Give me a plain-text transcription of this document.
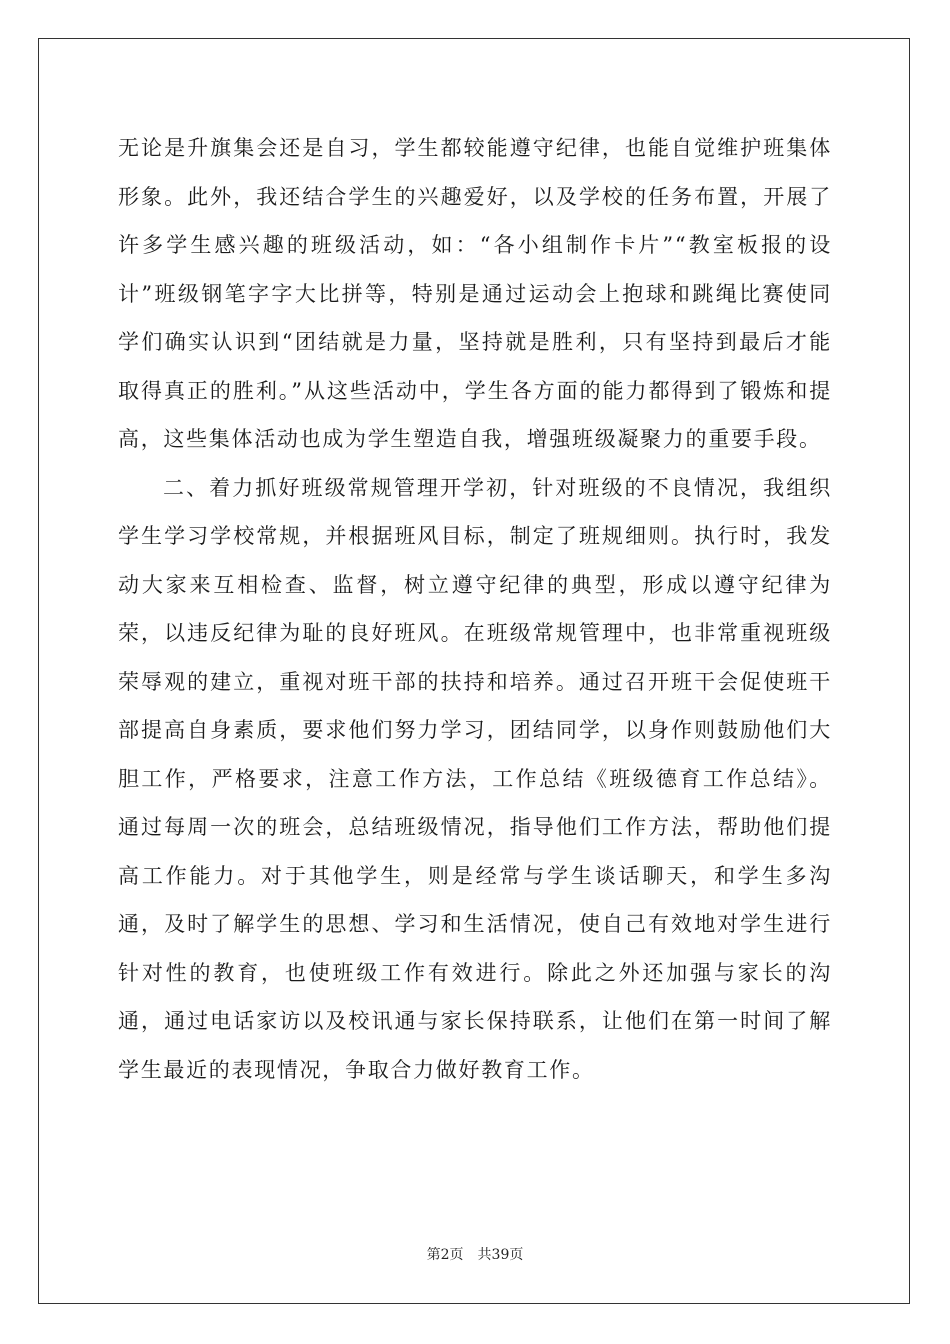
无论是升旗集会还是自习，学生都较能遵守纪律，也能自觉维护班集体形象。此外，我还结合学生的兴趣爱好，以及学校的任务布置，开展了许多学生感兴趣的班级活动，如：“各小组制作卡片”“教室板报的设计”班级钢笔字字大比拼等，特别是通过运动会上抱球和跳绳比赛使同学们确实认识到“团结就是力量，坚持就是胜利，只有坚持到最后才能取得真正的胜利。”从这些活动中，学生各方面的能力都得到了锻炼和提高，这些集体活动也成为学生塑造自我，增强班级凝聚力的重要手段。

二、着力抓好班级常规管理开学初，针对班级的不良情况，我组织学生学习学校常规，并根据班风目标，制定了班规细则。执行时，我发动大家来互相检查、监督，树立遵守纪律的典型，形成以遵守纪律为荣，以违反纪律为耻的良好班风。在班级常规管理中，也非常重视班级荣辱观的建立，重视对班干部的扶持和培养。通过召开班干会促使班干部提高自身素质，要求他们努力学习，团结同学，以身作则鼓励他们大胆工作，严格要求，注意工作方法，工作总结《班级德育工作总结》。通过每周一次的班会，总结班级情况，指导他们工作方法，帮助他们提高工作能力。对于其他学生，则是经常与学生谈话聊天，和学生多沟通，及时了解学生的思想、学习和生活情况，使自己有效地对学生进行针对性的教育，也使班级工作有效进行。除此之外还加强与家长的沟通，通过电话家访以及校讯通与家长保持联系，让他们在第一时间了解学生最近的表现情况，争取合力做好教育工作。

第2页 共39页
